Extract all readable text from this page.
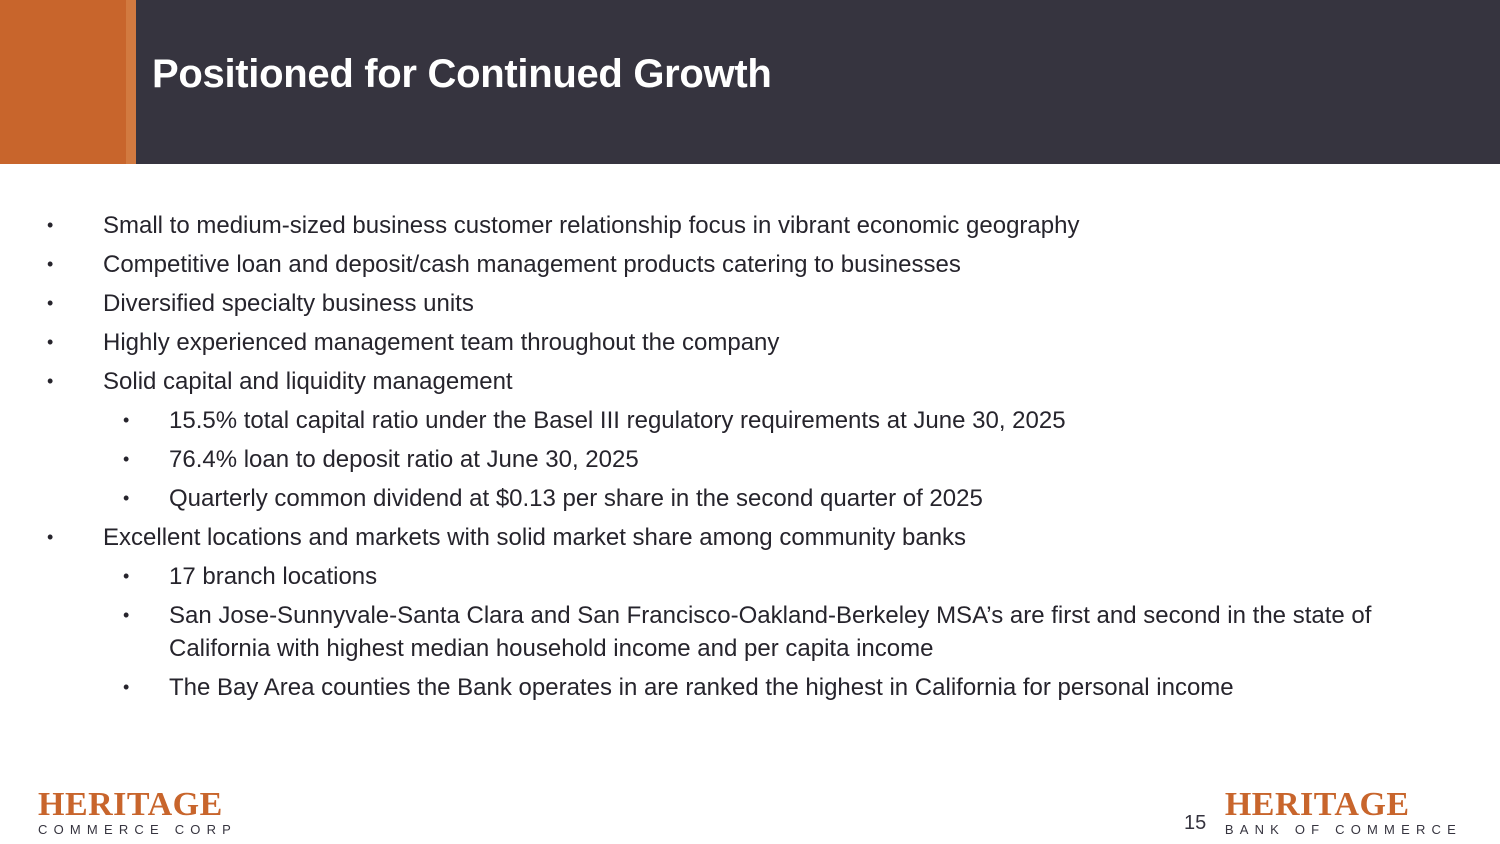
Positioned for Continued Growth
• Small to medium-sized business customer relationship focus in vibrant economic geography
• Competitive loan and deposit/cash management products catering to businesses
• Diversified specialty business units
• Highly experienced management team throughout the company
• Solid capital and liquidity management
• 15.5% total capital ratio under the Basel III regulatory requirements at June 30, 2025
• 76.4% loan to deposit ratio at June 30, 2025
• Quarterly common dividend at $0.13 per share in the second quarter of 2025
• Excellent locations and markets with solid market share among community banks
• 17 branch locations
• San Jose-Sunnyvale-Santa Clara and San Francisco-Oakland-Berkeley MSA’s are first and second in the state of California with highest median household income and per capita income
• The Bay Area counties the Bank operates in are ranked the highest in California for personal income
HERITAGE
COMMERCE CORP	15 HERITAGE
BANK OF COMMERCE
